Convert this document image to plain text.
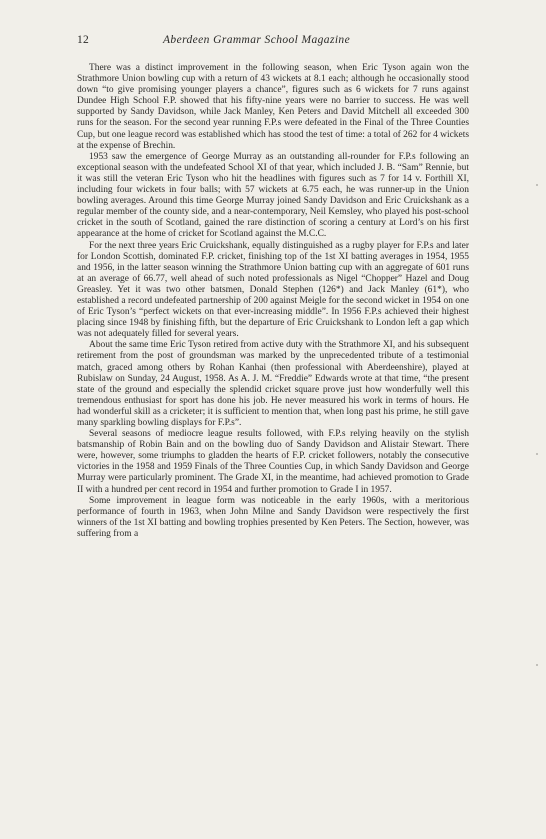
12	Aberdeen Grammar School Magazine

There was a distinct improvement in the following season, when Eric Tyson again won the Strathmore Union bowling cup with a return of 43 wickets at 8.1 each; although he occasionally stood down “to give promising younger players a chance”, figures such as 6 wickets for 7 runs against Dundee High School F.P. showed that his fifty-nine years were no barrier to success. He was well supported by Sandy Davidson, while Jack Manley, Ken Peters and David Mitchell all exceeded 300 runs for the season. For the second year running F.P.s were defeated in the Final of the Three Counties Cup, but one league record was established which has stood the test of time: a total of 262 for 4 wickets at the expense of Brechin.

1953 saw the emergence of George Murray as an outstanding all-rounder for F.P.s following an exceptional season with the undefeated School XI of that year, which included J. B. “Sam” Rennie, but it was still the veteran Eric Tyson who hit the headlines with figures such as 7 for 14 v. Forthill XI, including four wickets in four balls; with 57 wickets at 6.75 each, he was runner-up in the Union bowling averages. Around this time George Murray joined Sandy Davidson and Eric Cruickshank as a regular member of the county side, and a near-contemporary, Neil Kemsley, who played his post-school cricket in the south of Scotland, gained the rare distinction of scoring a century at Lord’s on his first appearance at the home of cricket for Scotland against the M.C.C.

For the next three years Eric Cruickshank, equally distinguished as a rugby player for F.P.s and later for London Scottish, dominated F.P. cricket, finishing top of the 1st XI batting averages in 1954, 1955 and 1956, in the latter season winning the Strathmore Union batting cup with an aggregate of 601 runs at an average of 66.77, well ahead of such noted professionals as Nigel “Chopper” Hazel and Doug Greasley. Yet it was two other batsmen, Donald Stephen (126*) and Jack Manley (61*), who established a record undefeated partnership of 200 against Meigle for the second wicket in 1954 on one of Eric Tyson’s “perfect wickets on that ever-increasing middle”. In 1956 F.P.s achieved their highest placing since 1948 by finishing fifth, but the departure of Eric Cruickshank to London left a gap which was not adequately filled for several years.

About the same time Eric Tyson retired from active duty with the Strathmore XI, and his subsequent retirement from the post of groundsman was marked by the unprecedented tribute of a testimonial match, graced among others by Rohan Kanhai (then professional with Aberdeenshire), played at Rubislaw on Sunday, 24 August, 1958. As A. J. M. “Freddie” Edwards wrote at that time, “the present state of the ground and especially the splendid cricket square prove just how wonderfully well this tremendous enthusiast for sport has done his job. He never measured his work in terms of hours. He had wonderful skill as a cricketer; it is sufficient to mention that, when long past his prime, he still gave many sparkling bowling displays for F.P.s”.

Several seasons of mediocre league results followed, with F.P.s relying heavily on the stylish batsmanship of Robin Bain and on the bowling duo of Sandy Davidson and Alistair Stewart. There were, however, some triumphs to gladden the hearts of F.P. cricket followers, notably the consecutive victories in the 1958 and 1959 Finals of the Three Counties Cup, in which Sandy Davidson and George Murray were particularly prominent. The Grade XI, in the meantime, had achieved promotion to Grade II with a hundred per cent record in 1954 and further promotion to Grade I in 1957.

Some improvement in league form was noticeable in the early 1960s, with a meritorious performance of fourth in 1963, when John Milne and Sandy Davidson were respectively the first winners of the 1st XI batting and bowling trophies presented by Ken Peters. The Section, however, was suffering from a
